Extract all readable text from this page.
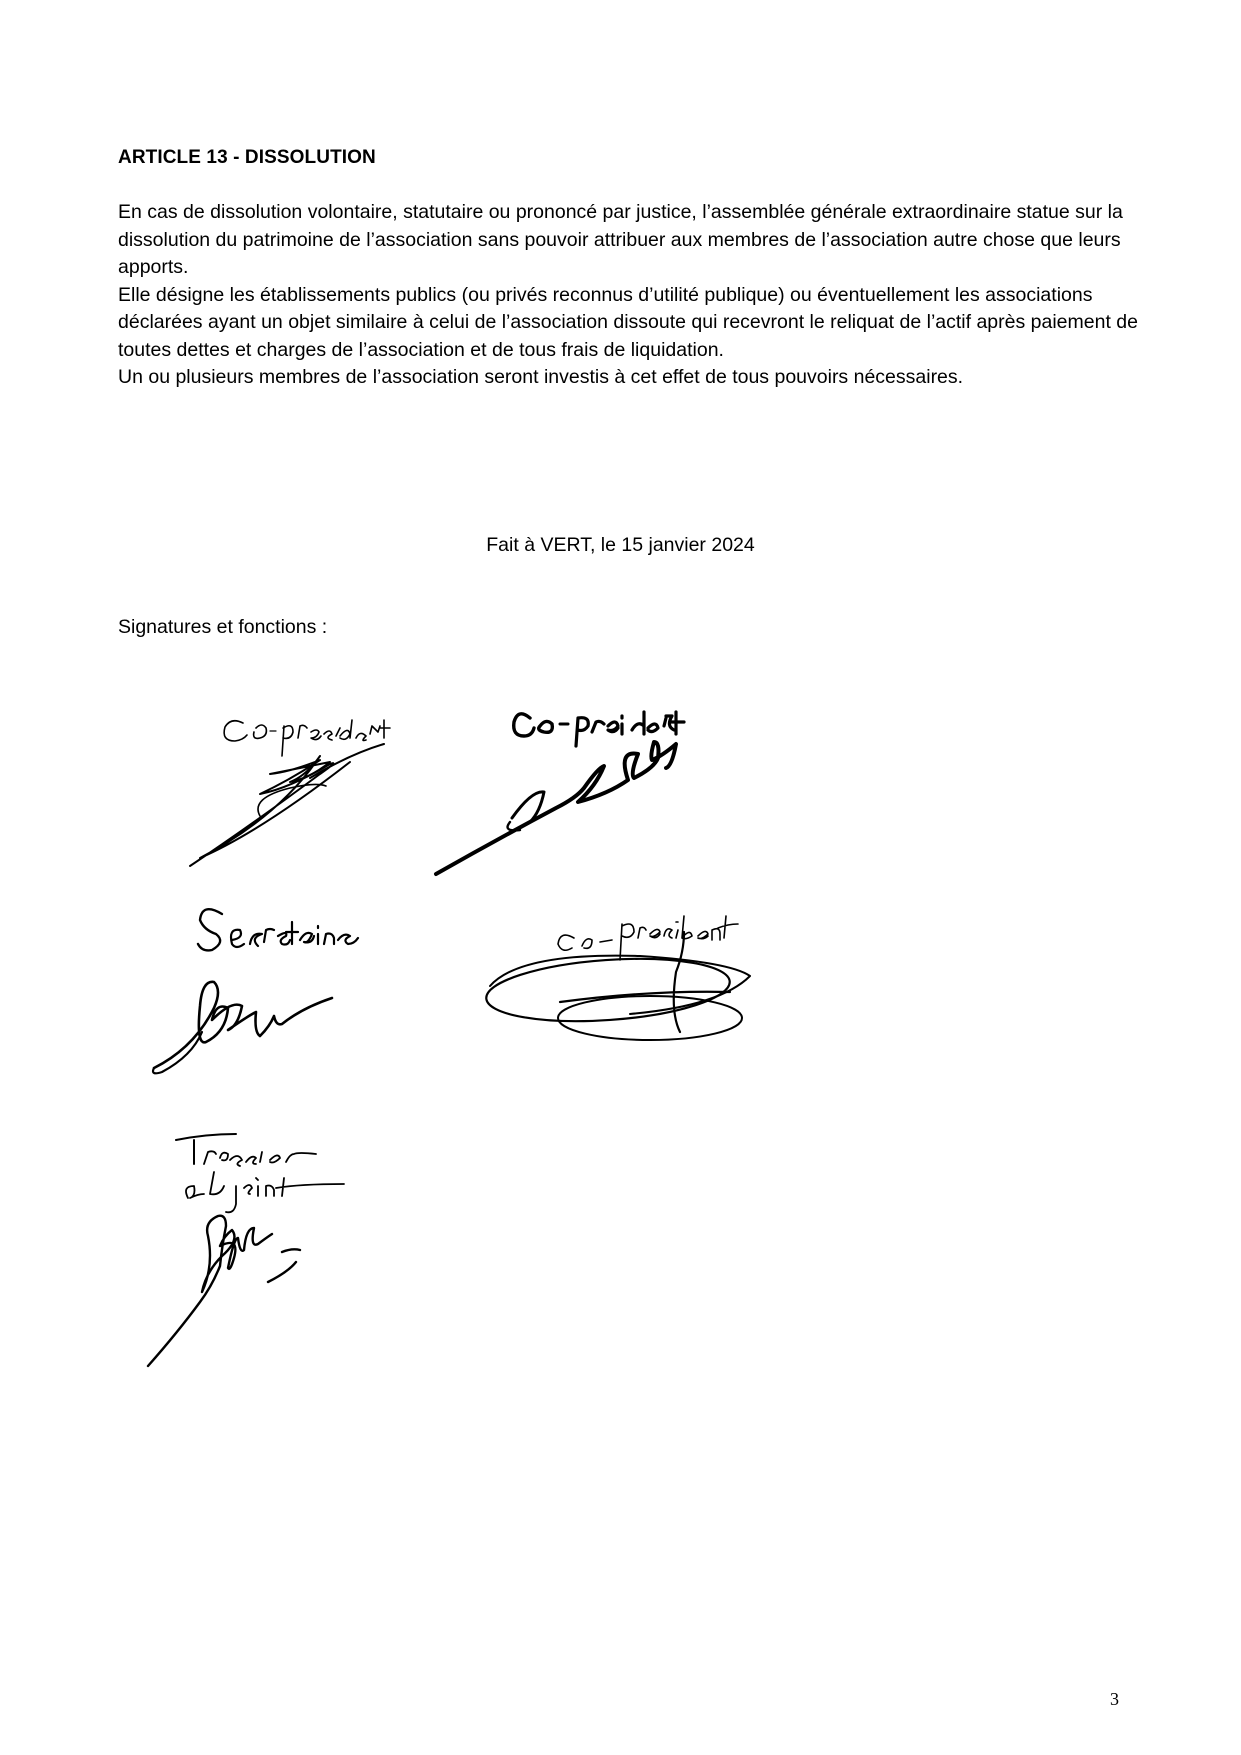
ARTICLE 13 - DISSOLUTION

En cas de dissolution volontaire, statutaire ou prononcé par justice, l’assemblée générale extraordinaire statue sur la dissolution du patrimoine de l’association sans pouvoir attribuer aux membres de l’association autre chose que leurs apports.

Elle désigne les établissements publics (ou privés reconnus d’utilité publique) ou éventuellement les associations déclarées ayant un objet similaire à celui de l’association dissoute qui recevront le reliquat de l’actif après paiement de toutes dettes et charges de l’association et de tous frais de liquidation.

Un ou plusieurs membres de l’association seront investis à cet effet de tous pouvoirs nécessaires.

Fait à VERT, le 15 janvier 2024
Signatures et fonctions :
3
